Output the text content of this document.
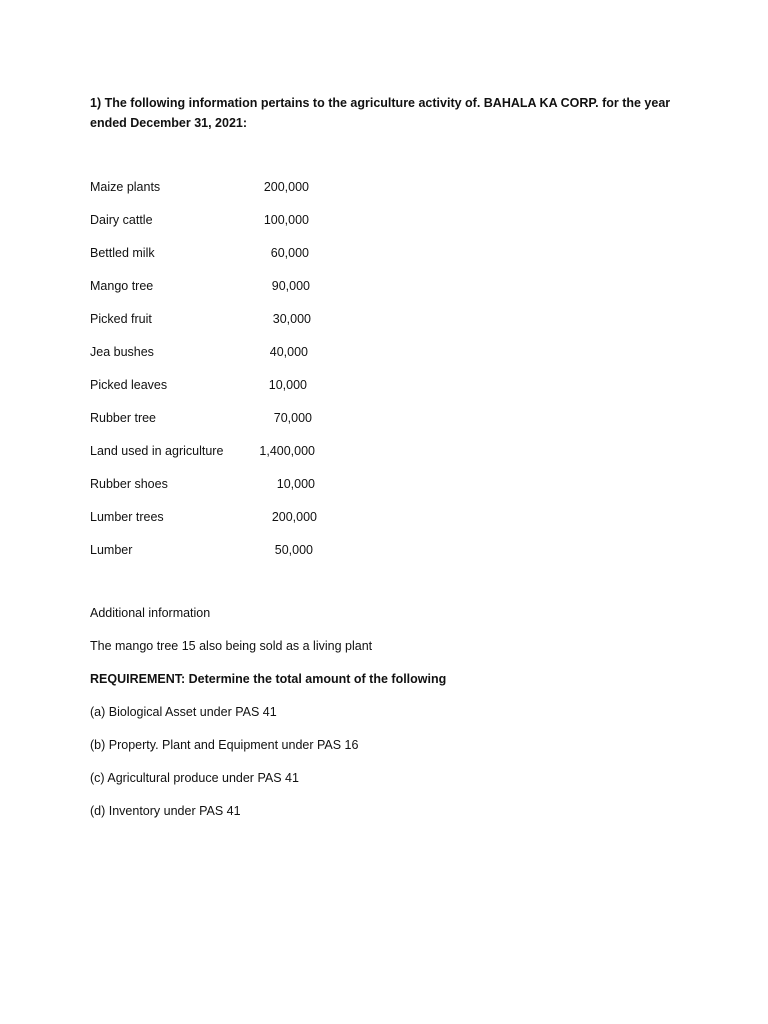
1) The following information pertains to the agriculture activity of. BAHALA KA CORP. for the year
ended December 31, 2021:
Maize plants	200,000
Dairy cattle	100,000
Bettled milk	60,000
Mango tree	90,000
Picked fruit	30,000
Jea bushes	40,000
Picked leaves	10,000
Rubber tree	70,000
Land used in agriculture	1,400,000
Rubber shoes	10,000
Lumber trees	200,000
Lumber	50,000
Additional information
The mango tree 15 also being sold as a living plant
REQUIREMENT: Determine the total amount of the following
(a) Biological Asset under PAS 41
(b) Property. Plant and Equipment under PAS 16
(c) Agricultural produce under PAS 41
(d) Inventory under PAS 41
